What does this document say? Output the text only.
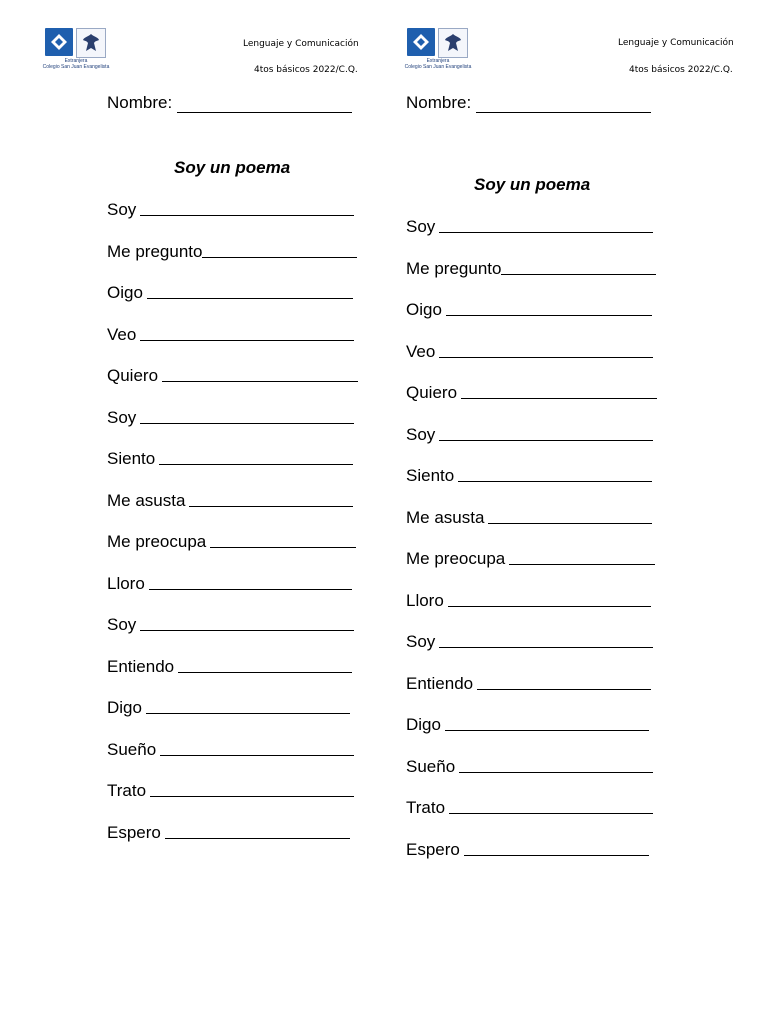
Extranjera
Colegio San Juan Evangelista
Lenguaje y Comunicación
4tos básicos 2022/C.Q.
Nombre:
Soy un poema
Soy
Me pregunto
Oigo
Veo
Quiero
Soy
Siento
Me asusta
Me preocupa
Lloro
Soy
Entiendo
Digo
Sueño
Trato
Espero
Extranjera
Colegio San Juan Evangelista
Lenguaje y Comunicación
4tos básicos 2022/C.Q.
Nombre:
Soy un poema
Soy
Me pregunto
Oigo
Veo
Quiero
Soy
Siento
Me asusta
Me preocupa
Lloro
Soy
Entiendo
Digo
Sueño
Trato
Espero
